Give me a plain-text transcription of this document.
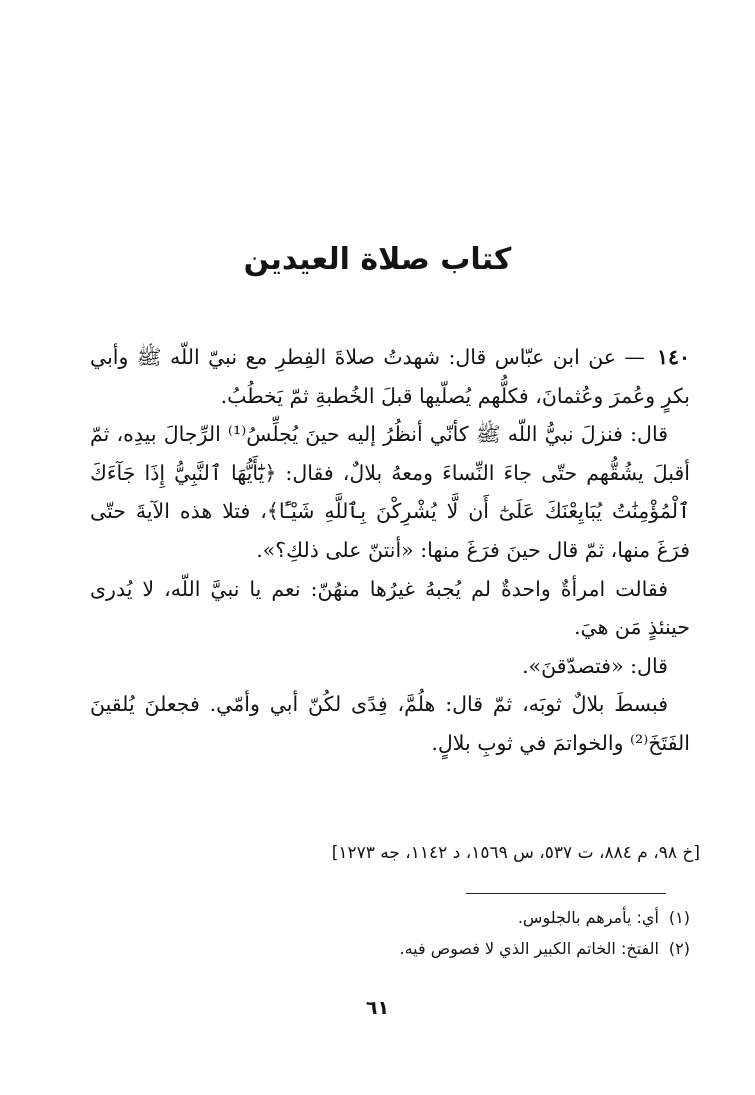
كتاب صلاة العيدين

١٤٠— عن ابن عبّاس قال: شهدتُ صلاةَ الفِطرِ مع نبيّ اللّه ﷺ وأبي بكرٍ وعُمرَ وعُثمانَ، فكلُّهم يُصلّيها قبلَ الخُطبةِ ثمّ يَخطُبُ.

قال: فنزلَ نبيُّ اللّه ﷺ كأنّي أنظُرُ إليه حينَ يُجلِّسُ⁽¹⁾ الرِّجالَ بيدِه، ثمّ أقبلَ يشُقُّهم حتّى جاءَ النِّساءَ ومعهُ بلالٌ، فقال: ﴿يَٰٓأَيُّهَا ٱلنَّبِيُّ إِذَا جَآءَكَ ٱلْمُؤْمِنَٰتُ يُبَايِعْنَكَ عَلَىٰٓ أَن لَّا يُشْرِكْنَ بِٱللَّهِ شَيْـًٔا﴾، فتلا هذه الآيةَ حتّى فرَغَ منها، ثمّ قال حينَ فرَغَ منها: «أنتنّ على ذلكِ؟».

فقالت امرأةٌ واحدةٌ لم يُجبهُ غيرُها منهُنّ: نعم يا نبيَّ اللّه، لا يُدرى حينئذٍ مَن هيَ.

قال: «فتصدّقنَ».

فبسطَ بلالٌ ثوبَه، ثمّ قال: هلُمَّ، فِدًى لكُنّ أبي وأمّي. فجعلنَ يُلقينَ الفَتَخَ⁽²⁾ والخواتمَ في ثوبِ بلالٍ.

[خ ٩٨، م ٨٨٤، ت ٥٣٧، س ١٥٦٩، د ١١٤٢، جه ١٢٧٣]
(١)أي: يأمرهم بالجلوس.
(٢)الفتخ: الخاتم الكبير الذي لا فصوص فيه.
٦١
